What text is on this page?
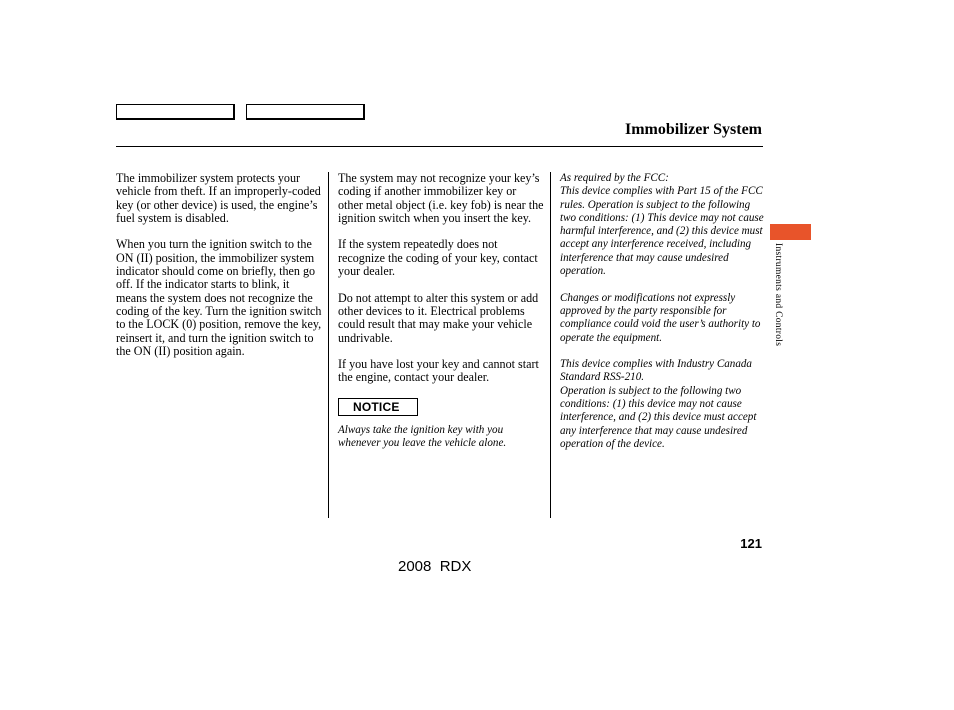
Immobilizer System

The immobilizer system protects your vehicle from theft. If an improperly-coded key (or other device) is used, the engine’s fuel system is disabled.

When you turn the ignition switch to the ON (II) position, the immobilizer system indicator should come on briefly, then go off. If the indicator starts to blink, it means the system does not recognize the coding of the key. Turn the ignition switch to the LOCK (0) position, remove the key, reinsert it, and turn the ignition switch to the ON (II) position again.

The system may not recognize your key’s coding if another immobilizer key or other metal object (i.e. key fob) is near the ignition switch when you insert the key.

If the system repeatedly does not recognize the coding of your key, contact your dealer.

Do not attempt to alter this system or add other devices to it. Electrical problems could result that may make your vehicle undrivable.

If you have lost your key and cannot start the engine, contact your dealer.

NOTICE

Always take the ignition key with you whenever you leave the vehicle alone.

As required by the FCC:
This device complies with Part 15 of the FCC rules. Operation is subject to the following two conditions: (1) This device may not cause harmful interference, and (2) this device must accept any interference received, including interference that may cause undesired operation.

Changes or modifications not expressly approved by the party responsible for compliance could void the user’s authority to operate the equipment.

This device complies with Industry Canada Standard RSS-210.
Operation is subject to the following two conditions: (1) this device may not cause interference, and (2) this device must accept any interference that may cause undesired operation of the device.

Instruments and Controls
121
2008  RDX
